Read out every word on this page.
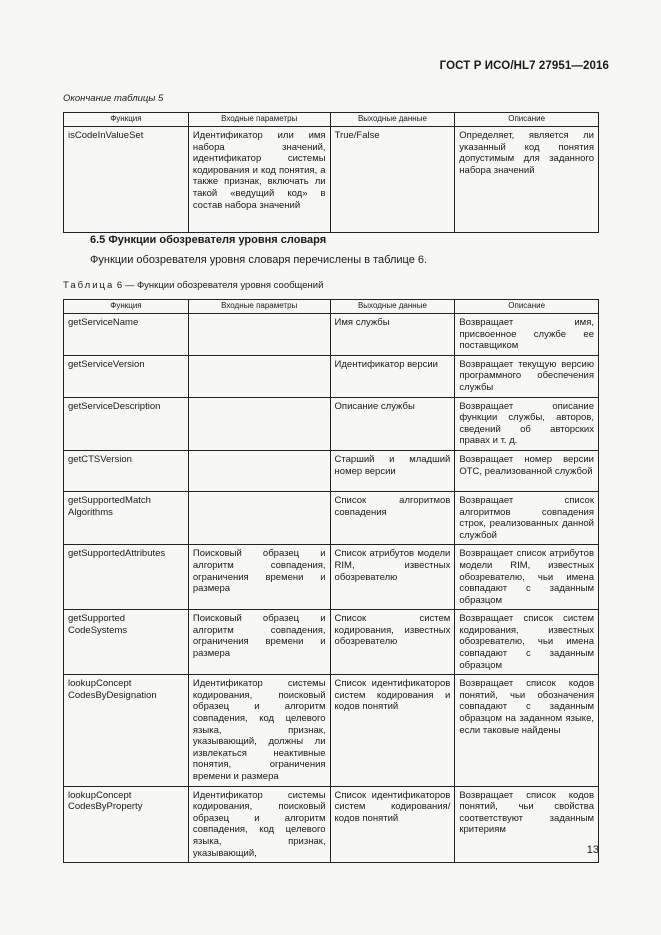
ГОСТ Р ИСО/HL7 27951—2016
Окончание таблицы 5
Функция	Входные параметры	Выходные данные	Описание
isCodeInValueSet	Идентификатор или имя набора значений, идентификатор системы кодирования и код понятия, а также признак, включать ли такой «ведущий код» в состав набора значений	True/False	Определяет, является ли указанный код понятия допустимым для заданного набора значений
6.5 Функции обозревателя уровня словаря
Функции обозревателя уровня словаря перечислены в таблице 6.
Таблица 6 — Функции обозревателя уровня сообщений
Функция	Входные параметры	Выходные данные	Описание
getServiceName		Имя службы	Возвращает имя, присвоенное службе ее поставщиком
getServiceVersion		Идентификатор версии	Возвращает текущую версию программного обеспечения службы
getServiceDescription		Описание службы	Возвращает описание функции службы, авторов, сведений об авторских правах и т. д.
getCTSVersion		Старший и младший номер версии	Возвращает номер версии ОТС, реализованной службой
getSupportedMatch
Algorithms		Список алгоритмов совпадения	Возвращает список алгоритмов совпадения строк, реализованных данной службой
getSupportedAttributes	Поисковый образец и алгоритм совпадения, ограничения времени и размера	Список атрибутов модели RIM, известных обозревателю	Возвращает список атрибутов модели RIM, известных обозревателю, чьи имена совпадают с заданным образцом
getSupported
CodeSystems	Поисковый образец и алгоритм совпадения, ограничения времени и размера	Список систем кодирования, известных обозревателю	Возвращает список систем кодирования, известных обозревателю, чьи имена совпадают с заданным образцом
lookupConcept
CodesByDesignation	Идентификатор системы кодирования, поисковый образец и алгоритм совпадения, код целевого языка, признак, указывающий, должны ли извлекаться неактивные понятия, ограничения времени и размера	Список идентификаторов систем кодирования и кодов понятий	Возвращает список кодов понятий, чьи обозначения совпадают с заданным образцом на заданном языке, если таковые найдены
lookupConcept
CodesByProperty	Идентификатор системы кодирования, поисковый образец и алгоритм совпадения, код целевого языка, признак, указывающий,	Список идентификаторов систем кодирования/кодов понятий	Возвращает список кодов понятий, чьи свойства соответствуют заданным критериям
13
